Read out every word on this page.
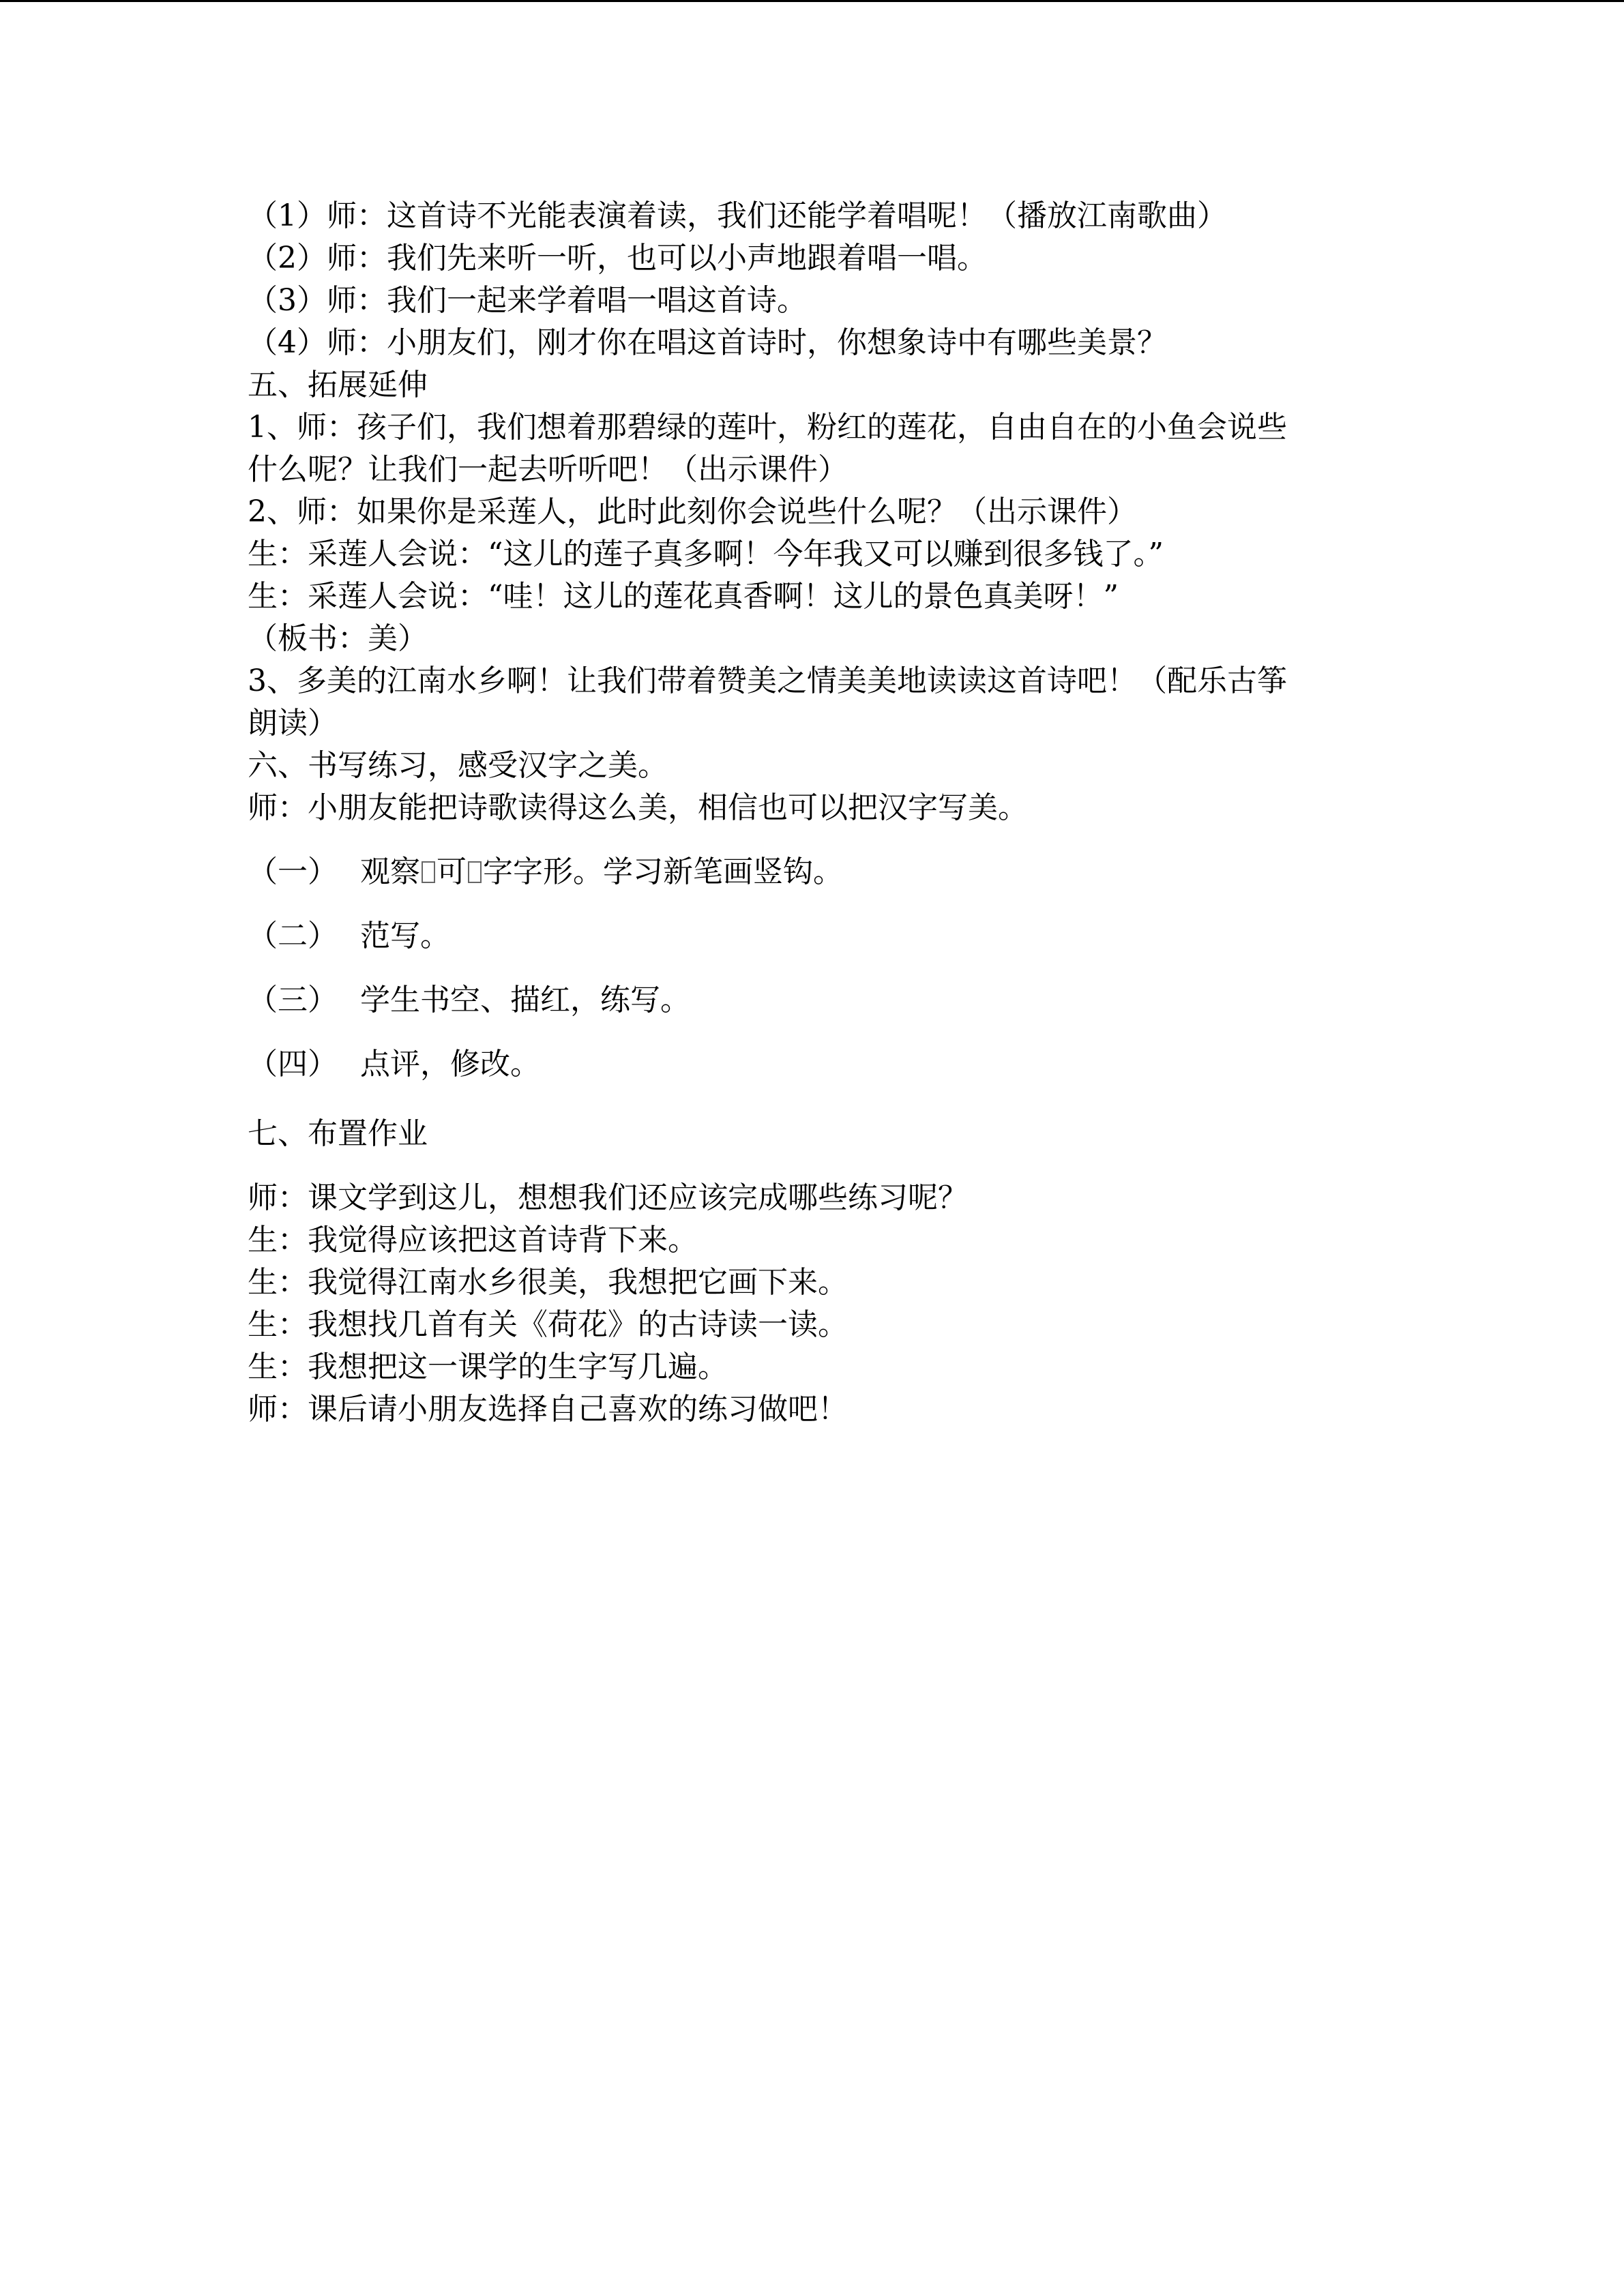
（1）师：这首诗不光能表演着读，我们还能学着唱呢！（播放江南歌曲）
（2）师：我们先来听一听，也可以小声地跟着唱一唱。
（3）师：我们一起来学着唱一唱这首诗。
（4）师：小朋友们，刚才你在唱这首诗时，你想象诗中有哪些美景？
五、拓展延伸
1、师：孩子们，我们想着那碧绿的莲叶，粉红的莲花，自由自在的小鱼会说些
什么呢？让我们一起去听听吧！（出示课件）
2、师：如果你是采莲人，此时此刻你会说些什么呢？（出示课件）
生：采莲人会说：“这儿的莲子真多啊！今年我又可以赚到很多钱了。”
生：采莲人会说：“哇！这儿的莲花真香啊！这儿的景色真美呀！”
（板书：美）
3、多美的江南水乡啊！让我们带着赞美之情美美地读读这首诗吧！（配乐古筝
朗读）
六、书写练习，感受汉字之美。
师：小朋友能把诗歌读得这么美，相信也可以把汉字写美。
（一） 观察 可 字字形。学习新笔画竖钩。
（二） 范写。
（三） 学生书空、描红，练写。
（四） 点评，修改。
七、布置作业
师：课文学到这儿，想想我们还应该完成哪些练习呢？
生：我觉得应该把这首诗背下来。
生：我觉得江南水乡很美，我想把它画下来。
生：我想找几首有关《荷花》的古诗读一读。
生：我想把这一课学的生字写几遍。
师：课后请小朋友选择自己喜欢的练习做吧！
